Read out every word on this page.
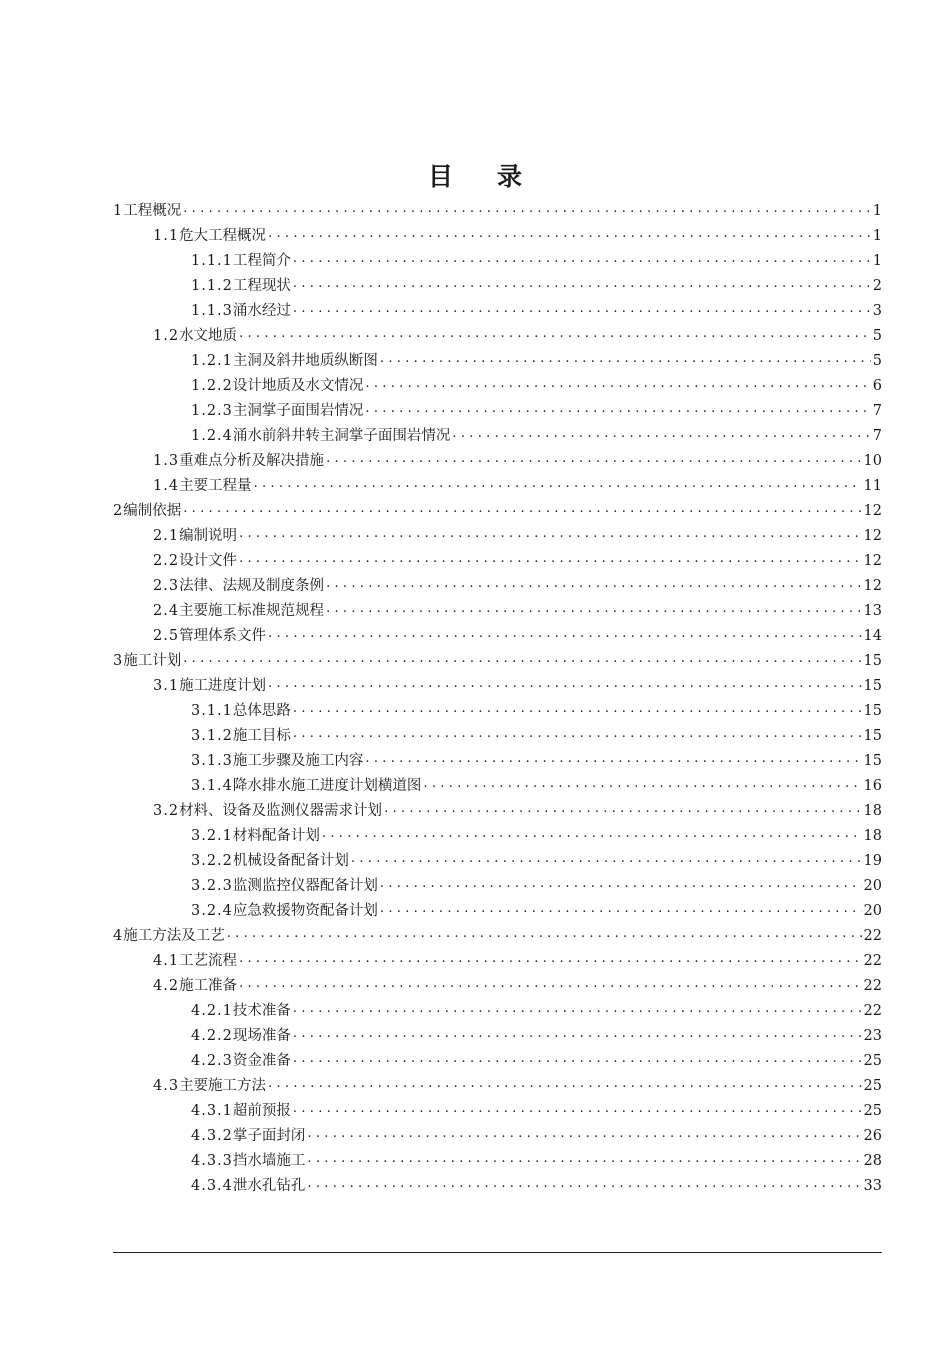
目 录
1 工程概况 .....	1
1.1 危大工程概况 .....	1
1.1.1 工程简介 .....	1
1.1.2 工程现状 .....	2
1.1.3 涌水经过 .....	3
1.2 水文地质 .....	5
1.2.1 主洞及斜井地质纵断图 .....	5
1.2.2 设计地质及水文情况 .....	6
1.2.3 主洞掌子面围岩情况 .....	7
1.2.4 涌水前斜井转主洞掌子面围岩情况 .....	7
1.3 重难点分析及解决措施 .....	10
1.4 主要工程量 .....	11
2 编制依据 .....	12
2.1 编制说明 .....	12
2.2 设计文件 .....	12
2.3 法律、法规及制度条例 .....	12
2.4 主要施工标准规范规程 .....	13
2.5 管理体系文件 .....	14
3 施工计划 .....	15
3.1 施工进度计划 .....	15
3.1.1 总体思路 .....	15
3.1.2 施工目标 .....	15
3.1.3 施工步骤及施工内容 .....	15
3.1.4 降水排水施工进度计划横道图 .....	16
3.2 材料、设备及监测仪器需求计划 .....	18
3.2.1 材料配备计划 .....	18
3.2.2 机械设备配备计划 .....	19
3.2.3 监测监控仪器配备计划 .....	20
3.2.4 应急救援物资配备计划 .....	20
4 施工方法及工艺 .....	22
4.1 工艺流程 .....	22
4.2 施工准备 .....	22
4.2.1 技术准备 .....	22
4.2.2 现场准备 .....	23
4.2.3 资金准备 .....	25
4.3 主要施工方法 .....	25
4.3.1 超前预报 .....	25
4.3.2 掌子面封闭 .....	26
4.3.3 挡水墙施工 .....	28
4.3.4 泄水孔钻孔 .....	33
